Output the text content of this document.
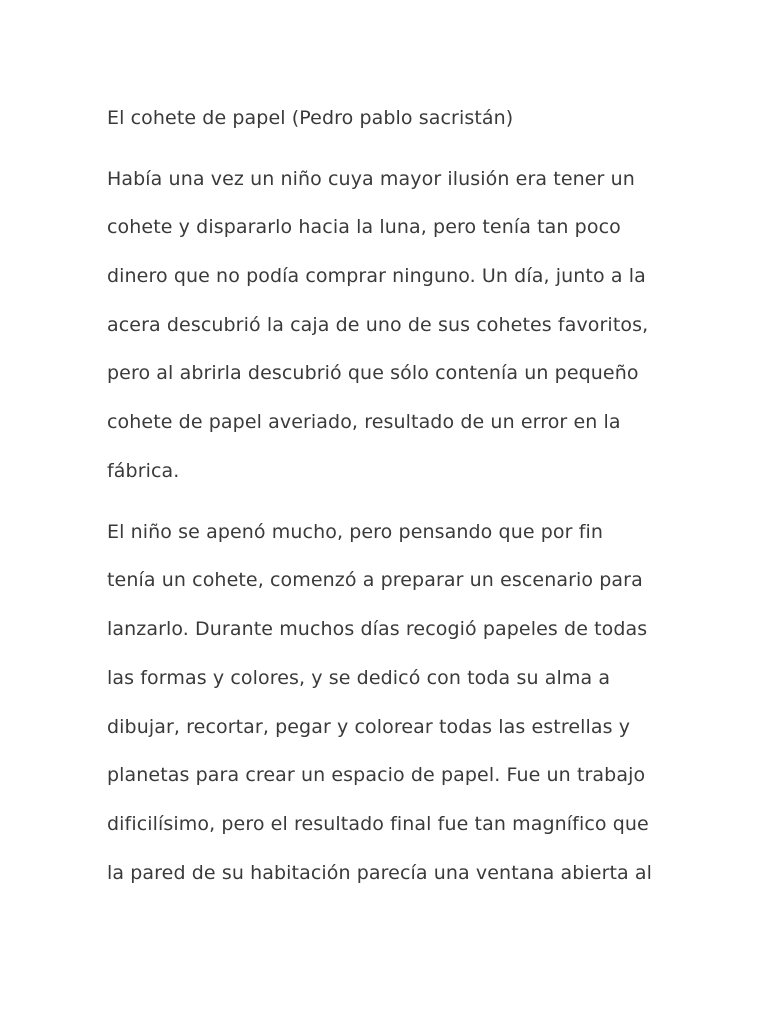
El cohete de papel (Pedro pablo sacristán)
Había una vez un niño cuya mayor ilusión era tener un
cohete y dispararlo hacia la luna, pero tenía tan poco
dinero que no podía comprar ninguno. Un día, junto a la
acera descubrió la caja de uno de sus cohetes favoritos,
pero al abrirla descubrió que sólo contenía un pequeño
cohete de papel averiado, resultado de un error en la
fábrica.
El niño se apenó mucho, pero pensando que por fin
tenía un cohete, comenzó a preparar un escenario para
lanzarlo. Durante muchos días recogió papeles de todas
las formas y colores, y se dedicó con toda su alma a
dibujar, recortar, pegar y colorear todas las estrellas y
planetas para crear un espacio de papel. Fue un trabajo
dificilísimo, pero el resultado final fue tan magnífico que
la pared de su habitación parecía una ventana abierta al
